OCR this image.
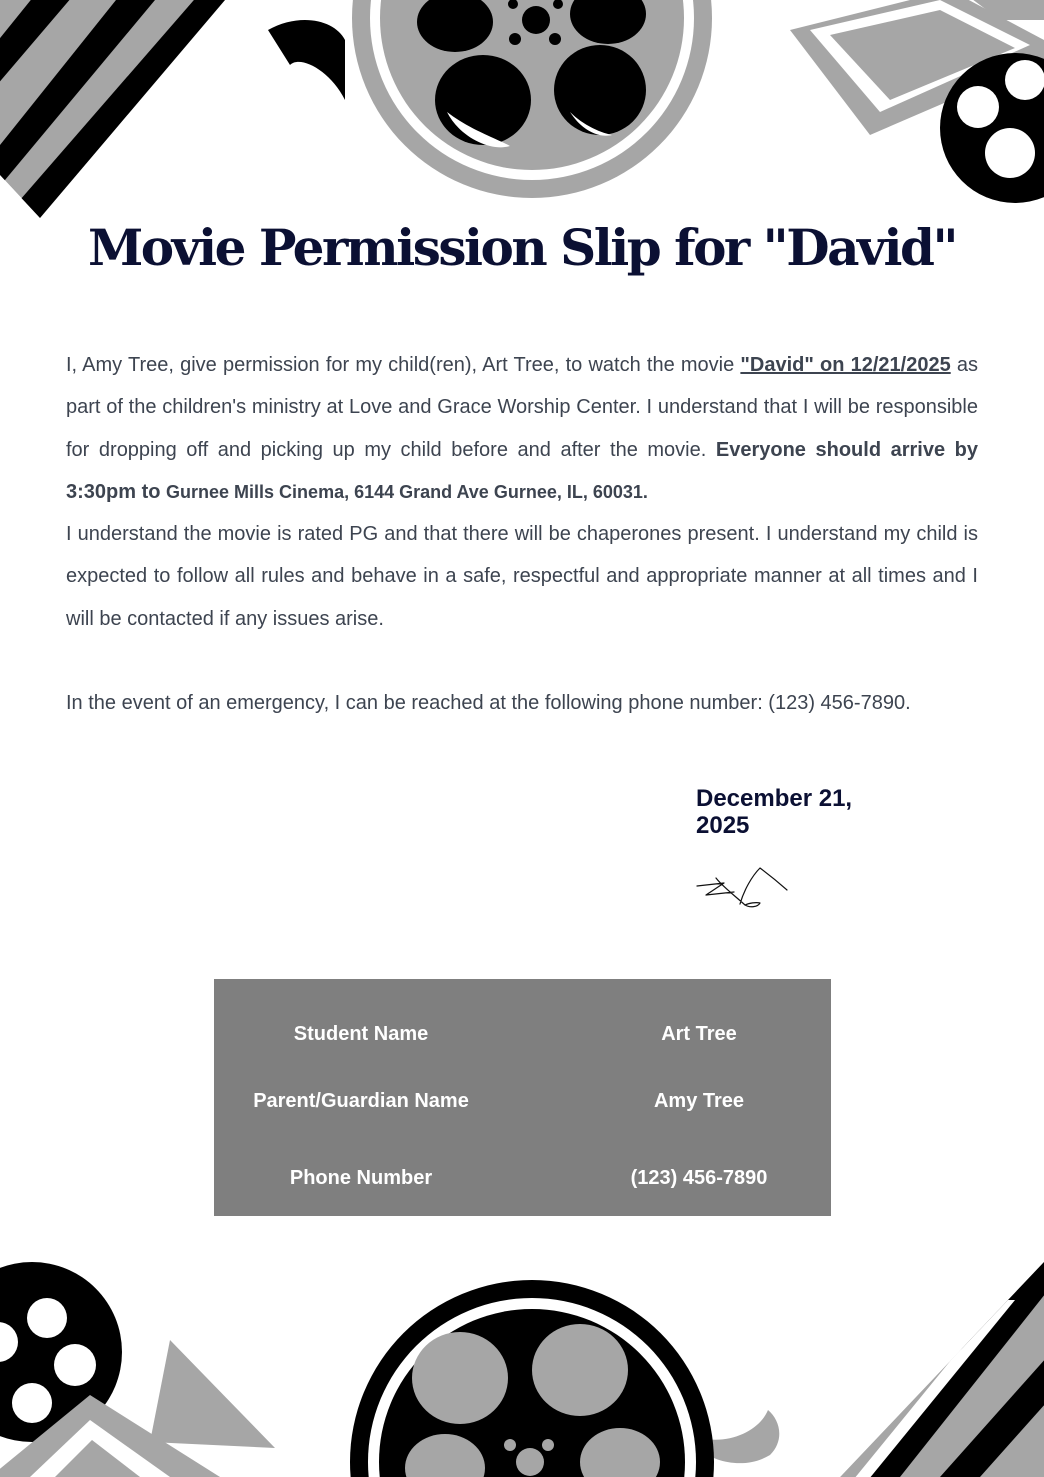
Movie Permission Slip for "David"

I, Amy Tree, give permission for my child(ren), Art Tree, to watch the movie "David" on 12/21/2025 as part of the children's ministry at Love and Grace Worship Center. I understand that I will be responsible for dropping off and picking up my child before and after the movie. Everyone should arrive by 3:30pm to Gurnee Mills Cinema, 6144 Grand Ave Gurnee, IL, 60031.

I understand the movie is rated PG and that there will be chaperones present. I understand my child is expected to follow all rules and behave in a safe, respectful and appropriate manner at all times and I will be contacted if any issues arise.

In the event of an emergency, I can be reached at the following phone number: (123) 456-7890.

December 21, 2025
Student Name	Art Tree
Parent/Guardian Name	Amy Tree
Phone Number	(123) 456-7890
